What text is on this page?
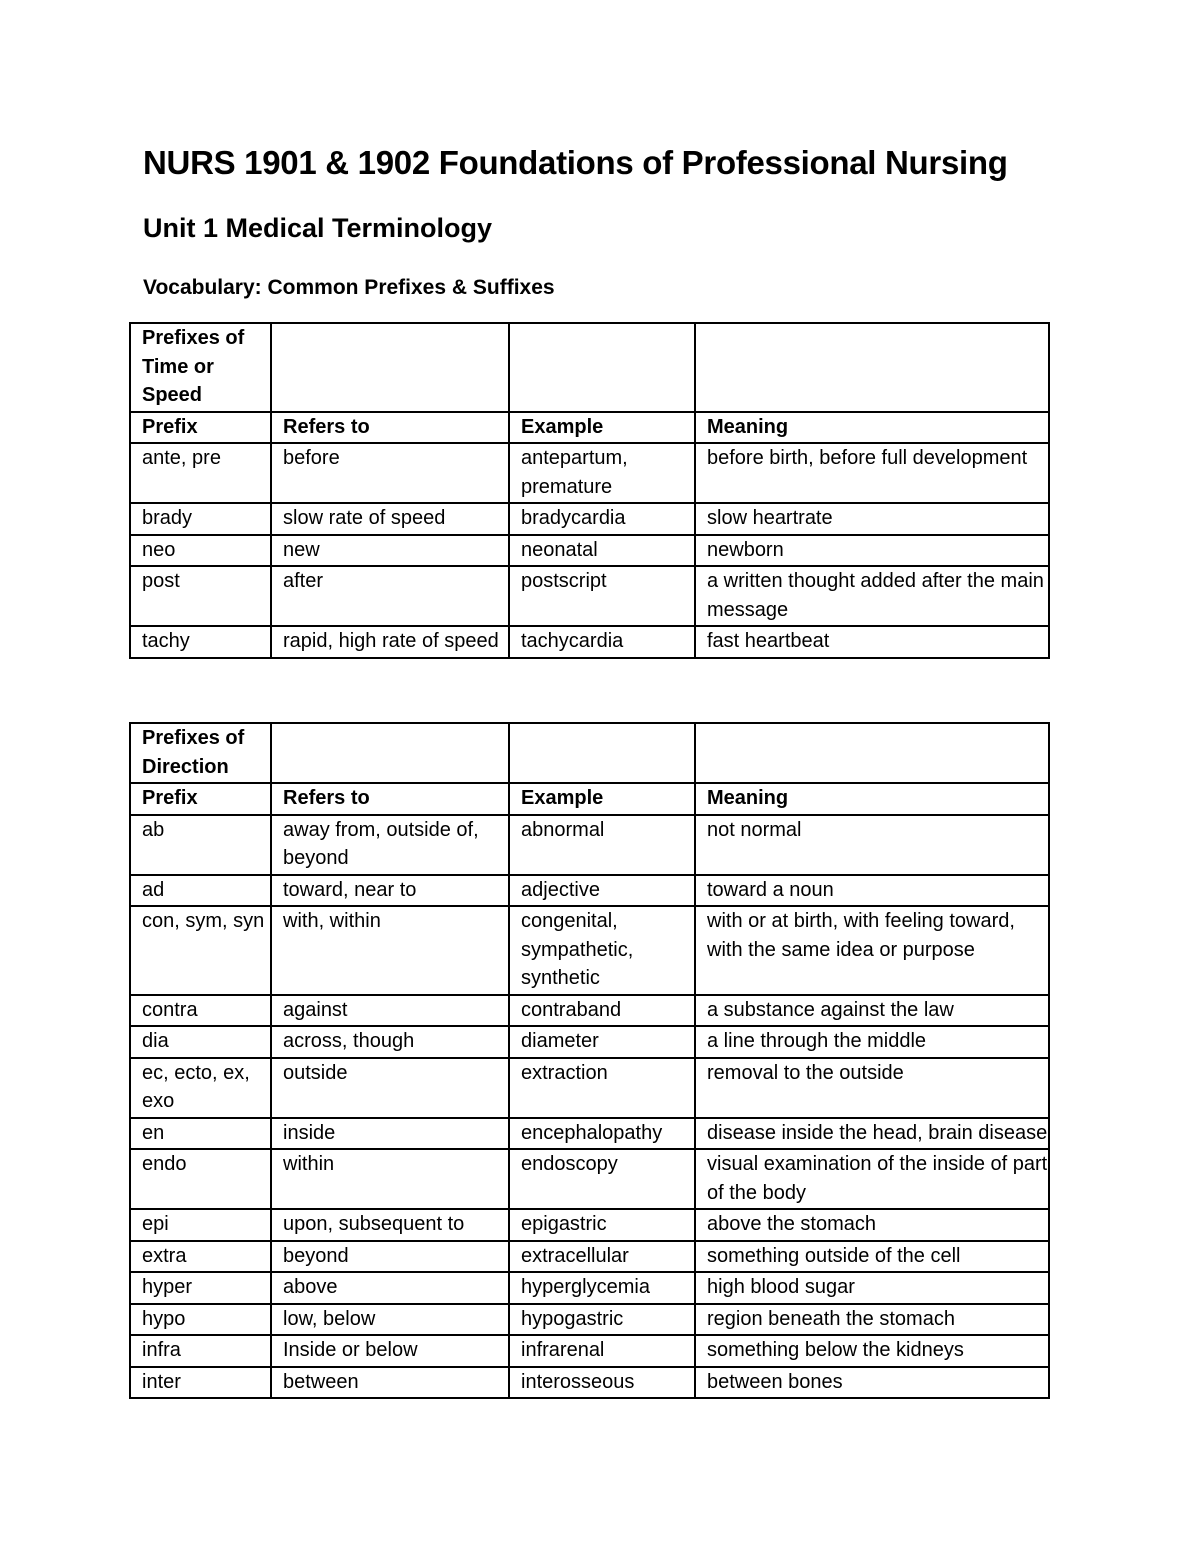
NURS 1901 & 1902 Foundations of Professional Nursing
Unit 1 Medical Terminology
Vocabulary: Common Prefixes & Suffixes
Prefixes of Time or Speed			
Prefix	Refers to	Example	Meaning
ante, pre	before	antepartum, premature	before birth, before full development
brady	slow rate of speed	bradycardia	slow heartrate
neo	new	neonatal	newborn
post	after	postscript	a written thought added after the main message
tachy	rapid, high rate of speed	tachycardia	fast heartbeat
Prefixes of Direction			
Prefix	Refers to	Example	Meaning
ab	away from, outside of, beyond	abnormal	not normal
ad	toward, near to	adjective	toward a noun
con, sym, syn	with, within	congenital, sympathetic, synthetic	with or at birth, with feeling toward, with the same idea or purpose
contra	against	contraband	a substance against the law
dia	across, though	diameter	a line through the middle
ec, ecto, ex, exo	outside	extraction	removal to the outside
en	inside	encephalopathy	disease inside the head, brain disease
endo	within	endoscopy	visual examination of the inside of part of the body
epi	upon, subsequent to	epigastric	above the stomach
extra	beyond	extracellular	something outside of the cell
hyper	above	hyperglycemia	high blood sugar
hypo	low, below	hypogastric	region beneath the stomach
infra	Inside or below	infrarenal	something below the kidneys
inter	between	interosseous	between bones
